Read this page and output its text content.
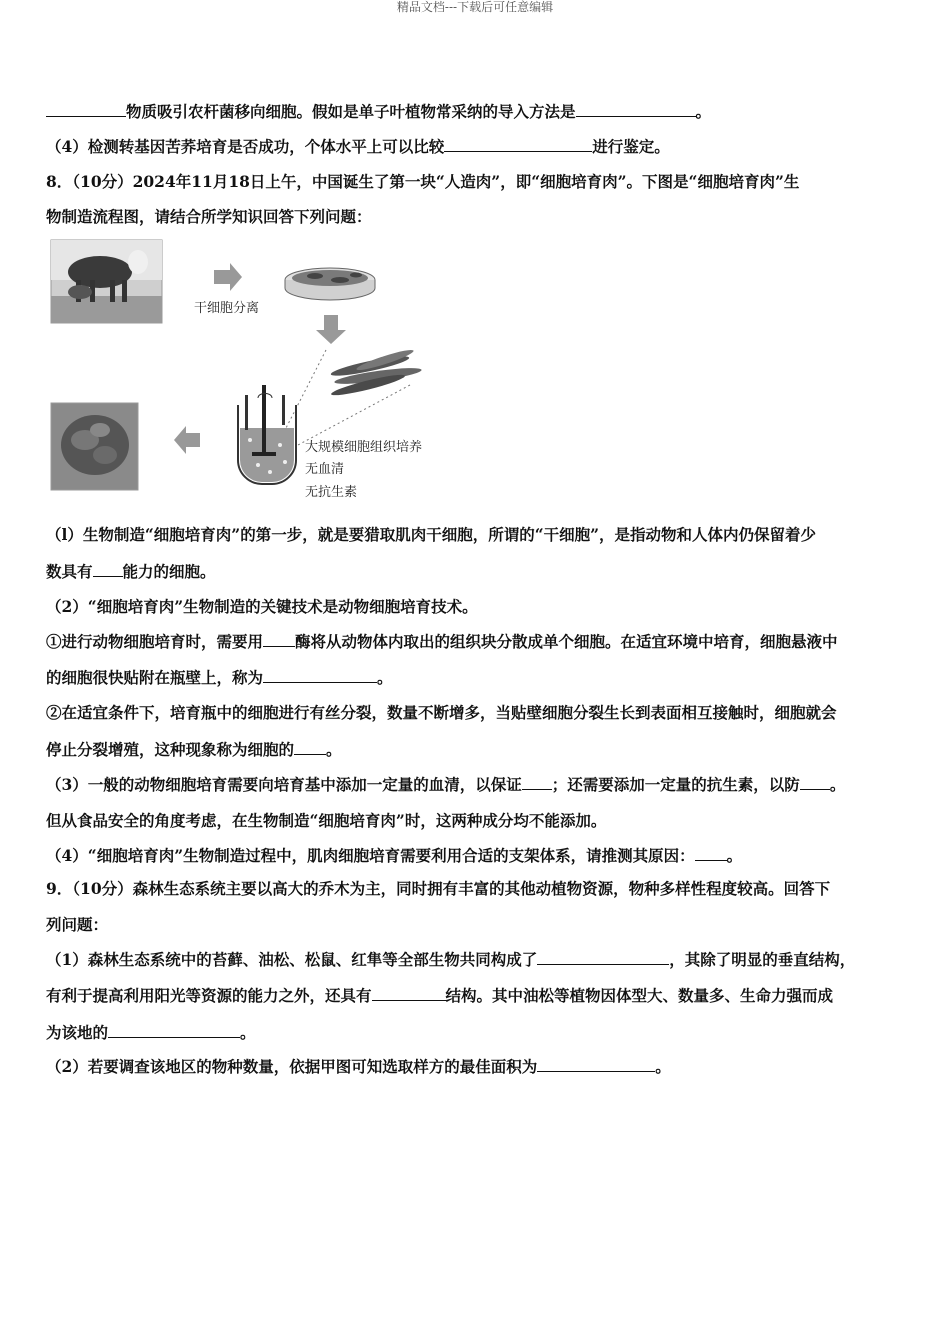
精品文档---下载后可任意编辑
物质吸引农杆菌移向细胞。假如是单子叶植物常采纳的导入方法是	。
（4）检测转基因苦荞培育是否成功，个体水平上可以比较	进行鉴定。
8．（10分）2024年11月18日上午，中国诞生了第一块“人造肉”，即“细胞培育肉”。下图是“细胞培育肉”生
物制造流程图，请结合所学知识回答下列问题：
干细胞分离
大规模细胞组织培养
无血清
无抗生素
（l）生物制造“细胞培育肉”的第一步，就是要猎取肌肉干细胞，所谓的“干细胞”，是指动物和人体内仍保留着少
数具有 能力的细胞。
（2）“细胞培育肉”生物制造的关键技术是动物细胞培育技术。
①进行动物细胞培育时，需要用 酶将从动物体内取出的组织块分散成单个细胞。在适宜环境中培育，细胞悬液中
的细胞很快贴附在瓶壁上，称为	。
②在适宜条件下，培育瓶中的细胞进行有丝分裂，数量不断增多，当贴壁细胞分裂生长到表面相互接触时，细胞就会
停止分裂增殖，这种现象称为细胞的 。
（3）一般的动物细胞培育需要向培育基中添加一定量的血清，以保证 ；还需要添加一定量的抗生素，以防 。
但从食品安全的角度考虑，在生物制造“细胞培育肉”时，这两种成分均不能添加。
（4）“细胞培育肉”生物制造过程中，肌肉细胞培育需要利用合适的支架体系，请推测其原因： 。
9．（10分）森林生态系统主要以高大的乔木为主，同时拥有丰富的其他动植物资源，物种多样性程度较高。回答下
列问题：
（1）森林生态系统中的苔藓、油松、松鼠、红隼等全部生物共同构成了	，其除了明显的垂直结构，
有利于提高利用阳光等资源的能力之外，还具有	结构。其中油松等植物因体型大、数量多、生命力强而成
为该地的	。
（2）若要调查该地区的物种数量，依据甲图可知选取样方的最佳面积为	。
